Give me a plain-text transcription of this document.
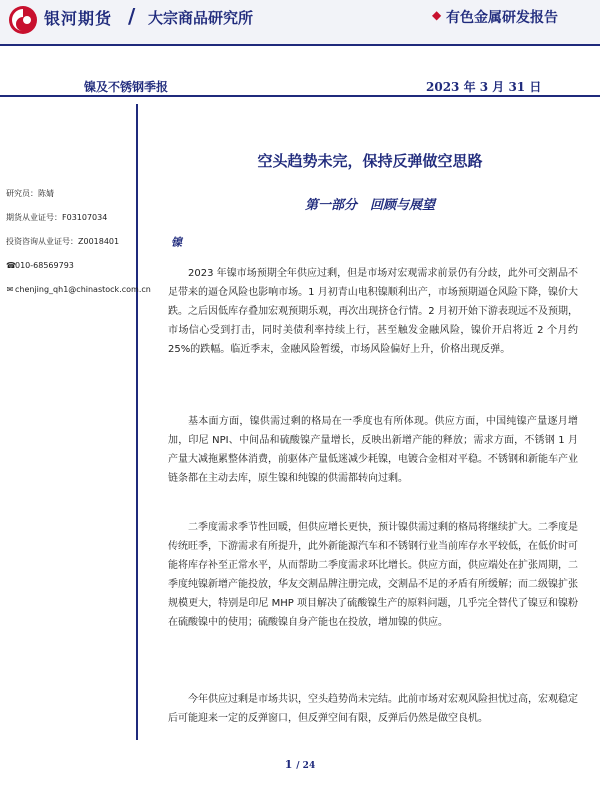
银河期货 / 大宗商品研究所	◆ 有色金属研发报告
镍及不锈钢季报	2023 年 3 月 31 日
研究员：陈婧
期货从业证号：F03107034
投资咨询从业证号：Z0018401
☎010-68569793
✉ chenjing_qh1@chinastock.com.cn
空头趋势未完，保持反弹做空思路
第一部分　回顾与展望
镍

2023 年镍市场预期全年供应过剩，但是市场对宏观需求前景仍有分歧，此外可交割品不足带来的逼仓风险也影响市场。1 月初青山电积镍顺利出产，市场预期逼仓风险下降，镍价大跌。之后因低库存叠加宏观预期乐观，再次出现挤仓行情。2 月初开始下游表现远不及预期，市场信心受到打击，同时美债利率持续上行，甚至触发金融风险，镍价开启将近 2 个月约 25%的跌幅。临近季末，金融风险暂缓，市场风险偏好上升，价格出现反弹。

基本面方面，镍供需过剩的格局在一季度也有所体现。供应方面，中国纯镍产量逐月增加，印尼 NPI、中间品和硫酸镍产量增长，反映出新增产能的释放；需求方面，不锈钢 1 月产量大减拖累整体消费，前驱体产量低迷减少耗镍，电镀合金相对平稳。不锈钢和新能车产业链条都在主动去库，原生镍和纯镍的供需都转向过剩。

二季度需求季节性回暖，但供应增长更快，预计镍供需过剩的格局将继续扩大。二季度是传统旺季，下游需求有所提升，此外新能源汽车和不锈钢行业当前库存水平较低，在低价时可能将库存补至正常水平，从而帮助二季度需求环比增长。供应方面，供应端处在扩张周期，二季度纯镍新增产能投放，华友交割品牌注册完成，交割品不足的矛盾有所缓解；而二级镍扩张规模更大，特别是印尼 MHP 项目解决了硫酸镍生产的原料问题，几乎完全替代了镍豆和镍粉在硫酸镍中的使用；硫酸镍自身产能也在投放，增加镍的供应。

今年供应过剩是市场共识，空头趋势尚未完结。此前市场对宏观风险担忧过高，宏观稳定后可能迎来一定的反弹窗口，但反弹空间有限，反弹后仍然是做空良机。

1 / 24
